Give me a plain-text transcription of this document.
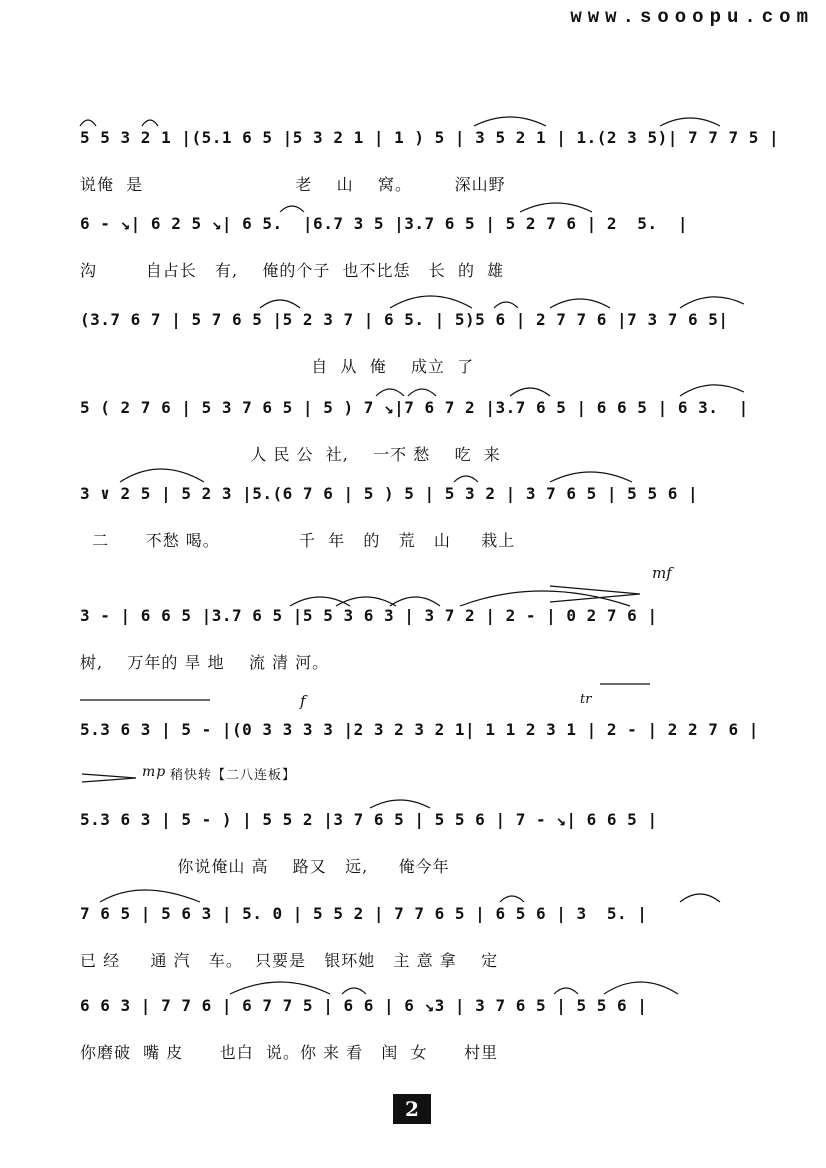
www.sooopu.com
5 5 3 2 1 |(5.1 6 5 |5 3 2 1 | 1 ) 5 | 3 5 2 1 | 1.(2 3 5)| 7 7 7 5 |
说俺  是                         老    山    窝。       深山野
6 - ↘| 6 2 5 ↘| 6 5.  |6.7 3 5 |3.7 6 5 | 5 2 7 6 | 2  5.  |
沟        自占长   有,    俺的个子  也不比恁   长  的  雄
(3.7 6 7 | 5 7 6 5 |5 2 3 7 | 6 5. | 5)5 6 | 2 7 7 6 |7 3 7 6 5|
自  从  俺    成立  了
5 ( 2 7 6 | 5 3 7 6 5 | 5 ) 7 ↘|7 6 7 2 |3.7 6 5 | 6 6 5 | 6 3.  |
人 民 公  社,    一不 愁    吃  来
3 ∨ 2 5 | 5 2 3 |5.(6 7 6 | 5 ) 5 | 5 3 2 | 3 7 6 5 | 5 5 6 |
二      不愁 喝。             千  年   的   荒   山     栽上
mf
3 - | 6 6 5 |3.7 6 5 |5 5 3 6 3 | 3 7 2 | 2 - | 0 2 7 6 |
树,    万年的 旱 地    流 清 河。
f	tr
5.3 6 3 | 5 - |(0 3 3 3 3 |2 3 2 3 2 1| 1 1 2 3 1 | 2 - | 2 2 7 6 |

mp

稍快转【二八连板】

5.3 6 3 | 5 - ) | 5 5 2 |3 7 6 5 | 5 5 6 | 7 - ↘| 6 6 5 |
你说俺山 高    路又   远,     俺今年
7 6 5 | 5 6 3 | 5. 0 | 5 5 2 | 7 7 6 5 | 6 5 6 | 3  5. |
已 经     通 汽   车。  只要是   银环她   主 意 拿    定
6 6 3 | 7 7 6 | 6 7 7 5 | 6 6 | 6 ↘3 | 3 7 6 5 | 5 5 6 |
你磨破  嘴 皮      也白  说。你 来 看   闺  女      村里
2
